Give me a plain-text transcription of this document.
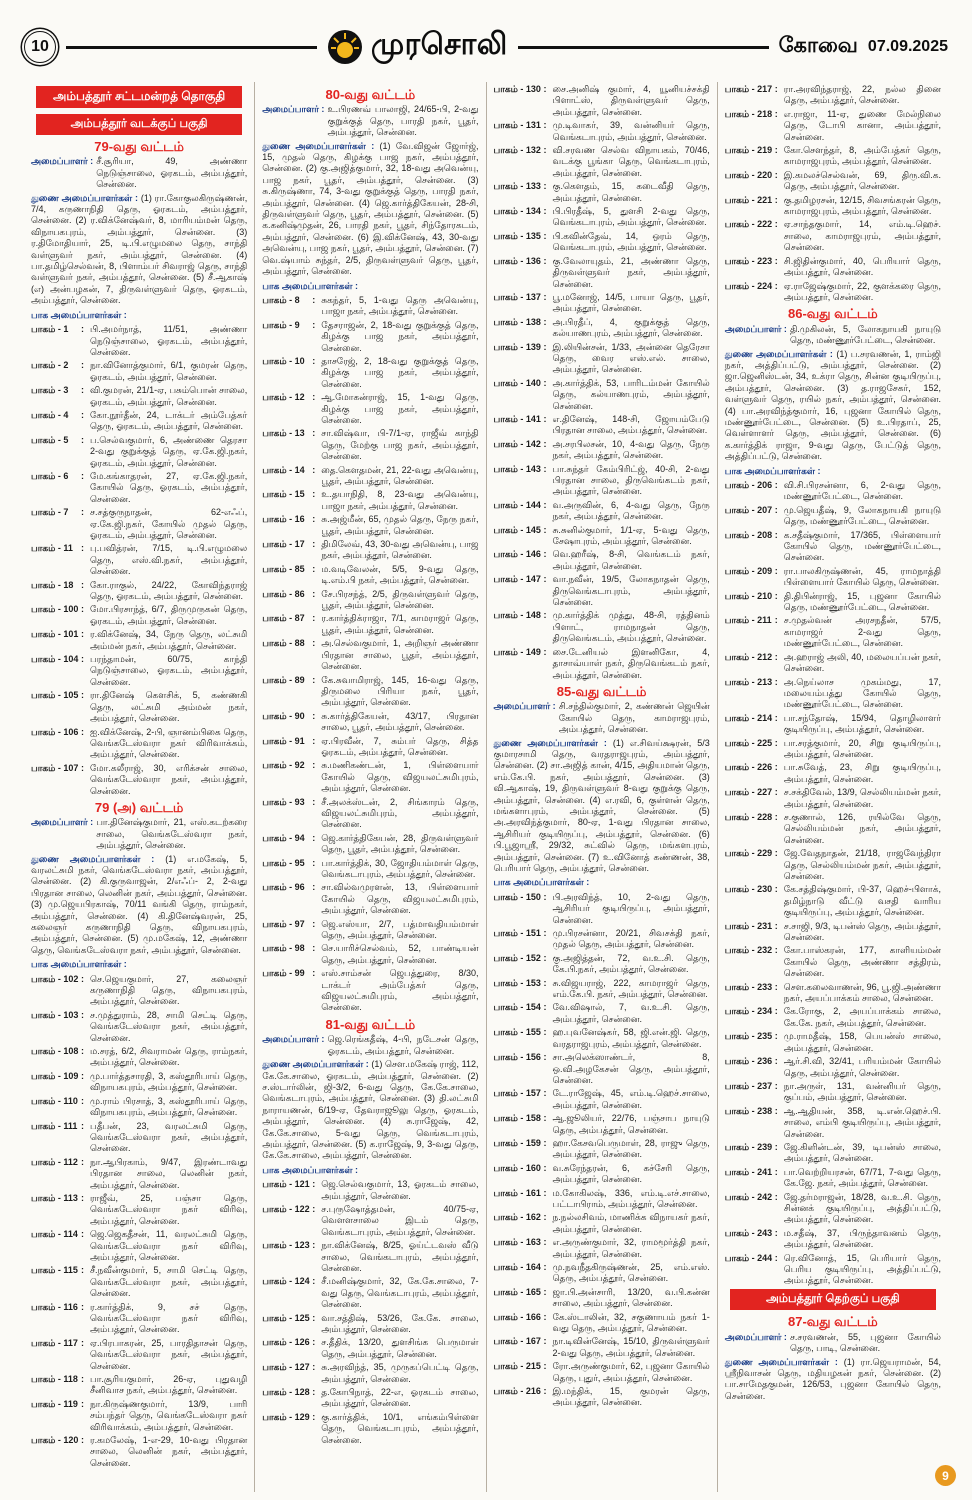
10	முரசொலி	கோவை 07.09.2025
அம்பத்தூர் சட்டமன்றத் தொகுதி
அம்பத்தூர் வடக்குப் பகுதி
79-வது வட்டம்

அமைப்பாளர் : சீ.சூரியா, 49, அண்ணா நெடுஞ்சாலை, ஓரகடம், அம்பத்தூர், சென்னை.

துணை அமைப்பாளர்கள் : (1) ரா.கோகுலகிருஷ்ணன், 7/4, கருணாநிதி தெரு, ஓரகடம், அம்பத்தூர், சென்னை. (2) ர.விக்னேஷ்வர், 8, மாரியம்மன் தெரு, விநாயகபுரம், அம்பத்தூர், சென்னை. (3) ர.திமோதியார், 25, டி.பி.எழுமலை தெரு, சாந்தி வள்ளுவர் நகர், அம்பத்தூர், சென்னை. (4) பா.தமிழ்செல்வன், 8, பிளாம்பர் சிவராஜ் தெரு, சாந்தி வள்ளுவர் நகர், அம்பத்தூர், சென்னை. (5) சீ.ஆகாஷ் (எ) அன்பழகன், 7, திருவள்ளுவர் தெரு, ஓரகடம், அம்பத்தூர், சென்னை.

பாக அமைப்பாளர்கள் :

பாகம் - 1	: பி.அமர்நாத், 11/51, அண்ணா நெடுஞ்சாலை, ஓரகடம், அம்பத்தூர், சென்னை.

பாகம் - 2	: நா.வினோத்குமார், 6/1, குமரன் தெரு, ஓரகடம், அம்பத்தூர், சென்னை.

பாகம் - 3	: வி.குமரன், 21/1-ஏ, பசும்பொன் சாலை, ஓரகடம், அம்பத்தூர், சென்னை.

பாகம் - 4	: கோ.நூர்தீன், 24, டாக்டர் அம்பேத்கர் தெரு, ஓரகடம், அம்பத்தூர், சென்னை.

பாகம் - 5	: ப.செல்வகுமார், 6, அண்ணை தெரசா 2-வது குறுக்குத் தெரு, ஏ.கே.ஜி.நகர், ஓரகடம், அம்பத்தூர், சென்னை.

பாகம் - 6	: மே.கங்காதரன், 27, ஏ.கே.ஜி.நகர், கோயில் தெரு, ஓரகடம், அம்பத்தூர், சென்னை.

பாகம் - 7	: ச.சத்குருநாதன், 62-எஃப், ஏ.கே.ஜி.நகர், கோயில் முதல் தெரு, ஓரகடம், அம்பத்தூர், சென்னை.

பாகம் - 11 : பு.பவித்ரன், 7/15, டி.பி.எழுமலை தெரு, எஸ்.வி.நகர், அம்பத்தூர், சென்னை.

பாகம் - 18 : கோ.ராகுல், 24/22, கோவிந்தராஜ் தெரு, ஓரகடம், அம்பத்தூர், சென்னை.

பாகம் - 100 : மோ.பிரசாந்த், 6/7, திருமுருகன் தெரு, ஓரகடம், அம்பத்தூர், சென்னை.

பாகம் - 101 : ர.விக்னேஷ், 34, நேரு தெரு, லட்சுமி அம்மன் நகர், அம்பத்தூர், சென்னை.

பாகம் - 104 : பரந்தாமன், 60/75, காந்தி நெடுஞ்சாலை, ஓரகடம், அம்பத்தூர், சென்னை.

பாகம் - 105 : ரா.தினேஷ் கௌசிக், 5, கண்ணகி தெரு, லட்சுமி அம்மன் நகர், அம்பத்தூர், சென்னை.

பாகம் - 106 : ஐ.விக்னேஷ், 2-பி, ஞானம்பிகை தெரு, வெங்கடேஸ்வரா நகர் விரிவாக்கம், அம்பத்தூர், சென்னை.

பாகம் - 107 : மோ.கலீராஜ், 30, எரிக்சன் சாலை, வெங்கடேஸ்வரா நகர், அம்பத்தூர், சென்னை.

79 (அ) வட்டம்

அமைப்பாளர் : பா.தினேஷ்குமார், 21, எஸ்.கடற்கரை சாலை, வெங்கடேஸ்வரா நகர், அம்பத்தூர், சென்னை.

துணை அமைப்பாளர்கள் : (1) எ.மகேஷ், 5, வரலட்சுமி நகர், வெங்கடேஸ்வரா நகர், அம்பத்தூர், சென்னை. (2) கி.குருவாஜன், 2/எஃப்- 2, 2-வது பிரதான சாலை, லெனின் நகர், அம்பத்தூர், சென்னை. (3) மு.ஜெயபிரகாஷ், 70/11 வங்கி தெரு, ராம்நகர், அம்பத்தூர், சென்னை. (4) கி.தினேஷ்வரன், 25, கலைஞர் கருணாநிதி தெரு, விநாயகபுரம், அம்பத்தூர், சென்னை. (5) மு.மகேஷ், 12, அண்ணா தெரு, வெங்கடேஸ்வரா நகர், அம்பத்தூர், சென்னை.

பாக அமைப்பாளர்கள் :

பாகம் - 102 : செ.ஜெயகுமார், 27, கலைஞர் கருணாநிதி தெரு, விநாயகபுரம், அம்பத்தூர், சென்னை.

பாகம் - 103 : ச.முத்துராம், 28, சாமி செட்டி தெரு, வெங்கடேஸ்வரா நகர், அம்பத்தூர், சென்னை.

பாகம் - 108 : ம.சரத், 6/2, சிவராமன் தெரு, ராம்நகர், அம்பத்தூர், சென்னை.

பாகம் - 109 : மு.பார்த்தசாரதி, 3, கஸ்தூரிபாய் தெரு, விநாயகபுரம், அம்பத்தூர், சென்னை.

பாகம் - 110 : மு.ராம் பிரசாத், 3, கஸ்தூரிபாய் தெரு, விநாயகபுரம், அம்பத்தூர், சென்னை.

பாகம் - 111 : பதீபன், 23, வரலட்சுமி தெரு, வெங்கடேஸ்வரா நகர், அம்பத்தூர், சென்னை.

பாகம் - 112 : நா.ஆபிரகாம், 9/47, இரண்டாவது பிரதான சாலை, லெனின் நகர், அம்பத்தூர், சென்னை.

பாகம் - 113 : ராஜீவ், 25, பஞ்சா தெரு, வெங்கடேஸ்வரா நகர் விரிவு, அம்பத்தூர், சென்னை.

பாகம் - 114 : ஜெ.ஜெகதீசன், 11, வரலட்சுமி தெரு, வெங்கடேஸ்வரா நகர் விரிவு, அம்பத்தூர், சென்னை.

பாகம் - 115 : சீ.நவீன்குமார், 5, சாமி செட்டி தெரு, வெங்கடேஸ்வரா நகர், அம்பத்தூர், சென்னை.

பாகம் - 116 : ர.கார்த்திக், 9, சச் தெரு, வெங்கடேஸ்வரா நகர் விரிவு, அம்பத்தூர், சென்னை.

பாகம் - 117 : ஏ.பிரபாகரன், 25, பாரதிதாசன் தெரு, வெங்கடேஸ்வரா நகர், அம்பத்தூர், சென்னை.

பாகம் - 118 : பா.சூரியகுமார், 26-ஏ, புதுவழி சீனிவாச நகர், அம்பத்தூர், சென்னை.

பாகம் - 119 : நா.கிருஷ்ணகுமார், 13/9, பாரி சம்பந்தர் தெரு, வெங்கடேஸ்வரா நகர் விரிவாக்கம், அம்பத்தூர், சென்னை.

பாகம் - 120 : ர.கமலேஷ், 1-எ-29, 10-வது பிரதான சாலை, லெனின் நகர், அம்பத்தூர், சென்னை.

80-வது வட்டம்

அமைப்பாளர் : உ.பிரணவ் பாலாஜி, 24/65-பி, 2-வது குறுக்குத் தெரு, பாரதி நகர், பூதர், அம்பத்தூர், சென்னை.

துணை அமைப்பாளர்கள் : (1) வே.விஜன் ஜோர்ஜ், 15, முதல் தெரு, கிழக்கு பாஜ நகர், அம்பத்தூர், சென்னை. (2) கு.அஜித்குமார், 32, 18-வது அவென்யு, பாஜ நகர், பூதர், அம்பத்தூர், சென்னை. (3) சு.கிருஷ்ணா, 74, 3-வது குறுக்குத் தெரு, பாரதி நகர், அம்பத்தூர், சென்னை. (4) ஜெ.கார்த்திகேயன், 28-சி, திருவள்ளுவர் தெரு, பூதர், அம்பத்தூர், சென்னை. (5) க.கனிஷ்முதன், 26, பாரதி நகர், பூதர், சிந்தோரகடம், அம்பத்தூர், சென்னை. (6) இ.விக்னேஷ், 43, 30-வது அவென்யு, பாஜ நகர், பூதர், அம்பத்தூர், சென்னை. (7) வெ.ஷ்யாம் சுந்தர், 2/5, திருவள்ளுவர் தெரு, பூதர், அம்பத்தூர், சென்னை.

பாக அமைப்பாளர்கள் :

பாகம் - 8	: சுகந்தர், 5, 1-வது தெரு அவென்யு, பாஜா நகர், அம்பத்தூர், சென்னை.

பாகம் - 9	: தேசராஜன், 2, 18-வது குறுக்குத் தெரு, கிழக்கு பாஜ நகர், அம்பத்தூர், சென்னை.

பாகம் - 10 : தாசரேஜ், 2, 18-வது குறுக்குத் தெரு, கிழக்கு பாஜ நகர், அம்பத்தூர், சென்னை.

பாகம் - 12 : ஆ.மோகன்ராஜ், 15, 1-வது தெரு, கிழக்கு பாஜ நகர், அம்பத்தூர், சென்னை.

பாகம் - 13 : சா.விஷ்வா, பி-7/1-ஏ, ராஜீவ் காந்தி தெரு, மேற்கு பாஜ நகர், அம்பத்தூர், சென்னை.

பாகம் - 14 : தை.கௌதமன், 21, 22-வது அவென்யு, பூதர், அம்பத்தூர், சென்னை.

பாகம் - 15 : உ.தயாநிதி, 8, 23-வது அவென்யு, பாஜா நகர், அம்பத்தூர், சென்னை.

பாகம் - 16 : சு.அஜ்மீன், 65, முதல் தெரு, நேரு நகர், பூதர், அம்பத்தூர், சென்னை.

பாகம் - 17 : திமிலேவ், 43, 30-வது அவென்யு, பாஜ நகர், அம்பத்தூர், சென்னை.

பாகம் - 85 : ம.வடிவேலன், 5/5, 9-வது தெரு, டி.எம்.பி நகர், அம்பத்தூர், சென்னை.

பாகம் - 86 : சே.பிரசந்த், 2/5, திருவள்ளுவர் தெரு, பூதர், அம்பத்தூர், சென்னை.

பாகம் - 87 : ர.கார்த்திக்ராஜா, 7/1, காமராஜர் தெரு, பூதர், அம்பத்தூர், சென்னை.

பாகம் - 88 : அ.செல்வகுமார், 1, அறிஞர் அண்ணா பிரதான சாலை, பூதர், அம்பத்தூர், சென்னை.

பாகம் - 89 : கே.சுவாமிராஜ், 145, 16-வது தெரு, திருமலை பிரியா நகர், பூதர், அம்பத்தூர், சென்னை.

பாகம் - 90 : சு.கார்த்திகேயன், 43/17, பிரதான சாலை, பூதர், அம்பத்தூர், சென்னை.

பாகம் - 91 : ஏ.பிரவீன், 7, சும்பர் தெரு, சித்த ஓரகடம், அம்பத்தூர், சென்னை.

பாகம் - 92 : சு.மணிகண்டன், 1, பிள்ளையார் கோயில் தெரு, விஜயலட்சுமிபுரம், அம்பத்தூர், சென்னை.

பாகம் - 93 : சீ.அலக்ஸ்டன், 2, சிங்காரம் தெரு, விஜயலட்சுமிபுரம், அம்பத்தூர், சென்னை.

பாகம் - 94 : ஜெ.கார்த்திகேயன், 28, திருவள்ளுவர் தெரு, பூதர், அம்பத்தூர், சென்னை.

பாகம் - 95 : பா.கார்த்திக், 30, ஜோதியம்மாள் தெரு, வெங்கடாபுரம், அம்பத்தூர், சென்னை.

பாகம் - 96 : சா.வில்வமுரளன், 13, பிள்ளையார் கோயில் தெரு, விஜயலட்சுமிபுரம், அம்பத்தூர், சென்னை.

பாகம் - 97 : ஜெ.எஸ்யா, 2/7, பத்மாவதியம்மாள் தெரு, அம்பத்தூர், சென்னை.

பாகம் - 98 : செ.யாரிச்செல்வம், 52, பாண்டியன் தெரு, அம்பத்தூர், சென்னை.

பாகம் - 99 : எஸ்.சாம்சன் ஜெபத்துரை, 8/30, டாக்டர் அம்பேத்கர் தெரு, விஜயலட்சுமிபுரம், அம்பத்தூர், சென்னை.

81-வது வட்டம்

அமைப்பாளர் : ஜெ.ரெங்கதீஷ், 4-பி, நடேசன் தெரு, ஓரகடம், அம்பத்தூர், சென்னை.

துணை அமைப்பாளர்கள் : (1) சௌ.மகேஷ் ராஜ், 112, கே.கே.சாலை, ஓரகடம், அம்பத்தூர், சென்னை. (2) ச.ஸ்டார்லின், ஜி-3/2, 6-வது தெரு, கே.கே.சாலை, வெங்கடாபுரம், அம்பத்தூர், சென்னை. (3) தி.லட்சுமி நாராயணன், 6/19-ஏ, தேவராஜூலு தெரு, ஓரகடம், அம்பத்தூர், சென்னை. (4) சு.ராஜேஷ், 42, கே.கே.சாலை, 5-வது தெரு, வெங்கடாபுரம், அம்பத்தூர், சென்னை. (5) க.ராஜேஷ், 9, 3-வது தெரு, கே.கே.சாலை, அம்பத்தூர், சென்னை.

பாக அமைப்பாளர்கள் :

பாகம் - 121 : ஜெ.செல்வகுமார், 13, ஓரகடம் சாலை, அம்பத்தூர், சென்னை.

பாகம் - 122 : ச.புருஷோத்தமன், 40/75-ஏ, வௌளசாலை இடம் தெரு, வெங்கடாபுரம், அம்பத்தூர், சென்னை.

பாகம் - 123 : நா.விக்னேஷ், 8/25, ஓய்ட்டவஸ் வீடு சாலை, வெங்கடாபுரம், அம்பத்தூர், சென்னை.

பாகம் - 124 : சீ.மனிஷ்குமார், 32, கே.கே.சாலை, 7-வது தெரு, வெங்கடாபுரம், அம்பத்தூர், சென்னை.

பாகம் - 125 : வா.சத்திஷ், 53/26, கே.கே. சாலை, அம்பத்தூர், சென்னை.

பாகம் - 126 : ச.தீதிக், 13/20, துளசிங்க பெருமாள் தெரு, அம்பத்தூர், சென்னை.

பாகம் - 127 : சு.அரவிந்த், 35, முருகப்பெட்டி தெரு, அம்பத்தூர், சென்னை.

பாகம் - 128 : த.கோபிநாத், 22-எ, ஓரகடம் சாலை, அம்பத்தூர், சென்னை.

பாகம் - 129 : கு.கார்த்திக், 10/1, எங்கம்பிள்ளை தெரு, வெங்கடாபுரம், அம்பத்தூர், சென்னை.

பாகம் - 130 : சை.அனிஷ் குமார், 4, யூனியச்சக்தி பிளாட்ஸ், திருவள்ளுவர் தெரு, அம்பத்தூர், சென்னை.

பாகம் - 131 : மு.டிவாகர், 39, வன்னியர் தெரு, வெங்கடாபுரம், அம்பத்தூர், சென்னை.

பாகம் - 132 : வி.சரவண செல்வ விநாயகம், 70/46, வடக்கு பூங்கா தெரு, வெங்கடாபுரம், அம்பத்தூர், சென்னை.

பாகம் - 133 : கு.கௌதம், 15, கடைவீதி தெரு, அம்பத்தூர், சென்னை.

பாகம் - 134 : பி.பிரதீஷ், 5, துளசி 2-வது தெரு, வெங்கடாபுரம், அம்பத்தூர், சென்னை.

பாகம் - 135 : பி.கவின்தேவ், 14, ஒரம் தெரு, வெங்கடாபுரம், அம்பத்தூர், சென்னை.

பாகம் - 136 : கு.வேலாயுதம், 21, அண்ணா தெரு, திருவள்ளுவர் நகர், அம்பத்தூர், சென்னை.

பாகம் - 137 : பூ.மனோஜ், 14/5, பாயா தெரு, பூதர், அம்பத்தூர், சென்னை.

பாகம் - 138 : அ.பிரதீப், 4, குறுக்குத் தெரு, கல்யாணபுரம், அம்பத்தூர், சென்னை.

பாகம் - 139 : இ.லியின்சன், 1/33, அன்னை தெரேசா தெரு, வைர எஸ்.எல். சாலை, அம்பத்தூர், சென்னை.

பாகம் - 140 : அ.கார்த்திக், 53, பாரிடம்மன் கோயில் தெரு, கல்யாணபுரம், அம்பத்தூர், சென்னை.

பாகம் - 141 : எ.தினேஷ், 148-சி, ஜோயம்பேடு பிரதான சாலை, அம்பத்தூர், சென்னை.

பாகம் - 142 : அ.சரபிலசன், 10, 4-வது தெரு, நேரு நகர், அம்பத்தூர், சென்னை.

பாகம் - 143 : பா.சுந்தர் கேம்பிரிட்ஜ், 40-சி, 2-வது பிரதான சாலை, திருவெங்கடம் நகர், அம்பத்தூர், சென்னை.

பாகம் - 144 : வ.அருவின், 6, 4-வது தெரு, நேரு நகர், அம்பத்தூர், சென்னை.

பாகம் - 145 : சு.சுனில்குமார், 1/1-ஏ, 5-வது தெரு, சேஷாபுரம், அம்பத்தூர், சென்னை.

பாகம் - 146 : வெ.ஹரீஷ், 8-சி, வெங்கடம் நகர், அம்பத்தூர், சென்னை.

பாகம் - 147 : வா.நவீன், 19/5, லோகநாதன் தெரு, திருவெங்கடாபுரம், அம்பத்தூர், சென்னை.

பாகம் - 148 : மு.கார்த்திக் முத்து, 48-சி, ரத்தினம் பிளாட், ராமநாதன் தெரு, திருவெங்கடம், அம்பத்தூர், சென்னை.

பாகம் - 149 : சை.டேனியல் இளனிகோ, 4, தாசாவ்யாள் நகர், திருவெங்கடம் நகர், அம்பத்தூர், சென்னை.

85-வது வட்டம்

அமைப்பாளர் : சி.சந்தில்குமார், 2, கண்ணன் ஜெயின் கோயில் தெரு, காமராஜபுரம், அம்பத்தூர், சென்னை.

துணை அமைப்பாளர்கள் : (1) எ.சிவய்க்ஷரன், 5/3 குமாரசாமி தெரு, வரதராஜபுரம், அம்பத்தூர், சென்னை. (2) சா.அஜித் கான், 4/15, அதியமான் தெரு, எம்.கே.பி. நகர், அம்பத்தூர், சென்னை. (3) வி.ஆகாஷ், 19, திருவள்ளுவர் 8-வது குறுக்கு தெரு, அம்பத்தூர், சென்னை. (4) எ.ரவி, 6, குள்ளன் தெரு, மங்களாபுரம், அம்பத்தூர், சென்னை. (5) அ.அரவிந்த்குமார், 80-ஏ, 1-வது பிரதான சாலை, ஆசிரியர் குடியிருப்பு, அம்பத்தூர், சென்னை. (6) பி.பூஜாஸ்ரீ, 29/32, சுட்வில் தெரு, மங்களபுரம், அம்பத்தூர், சென்னை. (7) உ.வினோத் கண்ணன், 38, பெரியார் தெரு, அம்பத்தூர், சென்னை.

பாக அமைப்பாளர்கள் :

பாகம் - 150 : பி.அரவிந்த், 10, 2-வது தெரு, ஆசிரியர் குடியிருப்பு, அம்பத்தூர், சென்னை.

பாகம் - 151 : மு.பிரசன்னா, 20/21, சிவசக்தி நகர், முதல் தெரு, அம்பத்தூர், சென்னை.

பாகம் - 152 : கு.அஜித்தன், 72, வ.உ.சி. தெரு, கே.பி.நகர், அம்பத்தூர், சென்னை.

பாகம் - 153 : சு.விஜயராஜ், 222, காமராஜர் தெரு, எம்.கே.பி. நகர், அம்பத்தூர், சென்னை.

பாகம் - 154 : வே.விஷால், 7, வ.உ.சி. தெரு, அம்பத்தூர், சென்னை.

பாகம் - 155 : ஹ.புவனேஷ்கர், 58, ஜி.என்.ஜி. தெரு, வரதராஜபுரம், அம்பத்தூர், சென்னை.

பாகம் - 156 : சா.அலெக்ஸாண்டர், 8, ஒ.வி.அழகேசன் தெரு, அம்பத்தூர், சென்னை.

பாகம் - 157 : டே.ராஜேஷ், 45, எம்.டி.ஹெச்.சாலை, அம்பத்தூர், சென்னை.

பாகம் - 158 : ஆ.ஜூலியர், 22/76, பஞ்சாப நாயுடு தெரு, அம்பத்தூர், சென்னை.

பாகம் - 159 : ஹா.கேசவபெருமாள், 28, ராஜு தெரு, அம்பத்தூர், சென்னை.

பாகம் - 160 : வ.சுரேந்தரன், 6, கச்சேரி தெரு, அம்பத்தூர், சென்னை.

பாகம் - 161 : ம.கோகிலஷ், 336, எம்.டி.எச்.சாலை, பட்டாபிராம், அம்பத்தூர், சென்னை.

பாகம் - 162 : ந.நல்லசிவம், மாணிக்க விநாயகர் நகர், அம்பத்தூர், சென்னை.

பாகம் - 163 : எ.அருண்குமார், 32, ராமமூர்த்தி நகர், அம்பத்தூர், சென்னை.

பாகம் - 164 : மு.நவநீதகிருஷ்ணன், 25, எம்.எஸ். தெரு, அம்பத்தூர், சென்னை.

பாகம் - 165 : ஜா.பி.அன்சாரி, 13/20, வ.பி.கன்ன சாலை, அம்பத்தூர், சென்னை.

பாகம் - 166 : கே.ஸ்டாலின், 32, சகுணாயம் நகர் 1-வது தெரு, அம்பத்தூர், சென்னை.

பாகம் - 167 : நா.டிவின்னேஷ், 15/10, திருவள்ளுவர் 2-வது தெரு, அம்பத்தூர், சென்னை.

பாகம் - 215 : ரோ.அருண்குமார், 62, புஜனா கோயில் தெரு, புதுர், அம்பத்தூர், சென்னை.

பாகம் - 216 : இ.மந்திக், 15, குமரன் தெரு, அம்பத்தூர், சென்னை.

பாகம் - 217 : ரா.அரவிந்தராஜ், 22, நல்ல தினை தெரு, அம்பத்தூர், சென்னை.

பாகம் - 218 : எ.ராஜா, 11-ஏ, துணை மேல்நிலை தெரு, டோபி கானா, அம்பத்தூர், சென்னை.

பாகம் - 219 : கோ.சௌந்தர், 8, அம்பேத்கர் தெரு, காமராஜபுரம், அம்பத்தூர், சென்னை.

பாகம் - 220 : இ.கமலச்செல்வன், 69, திரு.வி.க. தெரு, அம்பத்தூர், சென்னை.

பாகம் - 221 : கு.தமிழரசன், 12/15, சிவசங்கரன் தெரு, காமராஜபுரம், அம்பத்தூர், சென்னை.

பாகம் - 222 : ஏ.சாந்தகுமார், 14, எம்.டி.ஹெச். சாலை, காமராஜபுரம், அம்பத்தூர், சென்னை.

பாகம் - 223 : சி.ஜிதின்குமார், 40, பெரியார் தெரு, அம்பத்தூர், சென்னை.

பாகம் - 224 : ஏ.ராஜேஷ்குமார், 22, குளக்கரை தெரு, அம்பத்தூர், சென்னை.

86-வது வட்டம்

அமைப்பாளர் : தி.முகிலன், 5, லோகநாயகி நாயுடு தெரு, மண்ணூர்பேட்டை, சென்னை.

துணை அமைப்பாளர்கள் : (1) ப.சரவணன், 1, ராம்ஜி நகர், அத்திப்பட்டு, அம்பத்தூர், சென்னை. (2) ஜா.ஜெனிஸ்டன், 34, உக்ரா தெரு, சின்ன குடியிருப்பு, அம்பத்தூர், சென்னை. (3) த.ராஜசேகர், 152, வள்ளுவர் தெரு, ரயில் நகர், அம்பத்தூர், சென்னை. (4) பா.அரவிந்த்குமார், 16, புஜனா கோயில் தெரு, மண்ணூர்பேட்டை, சென்னை. (5) உ.பிரதாப், 25, வெள்ளாளர் தெரு, அம்பத்தூர், சென்னை. (6) க.கார்த்திக் ராஜா, 9-வது தெரு, பேட்டுத் தெரு, அத்திப்பட்டு, சென்னை.

பாக அமைப்பாளர்கள் :

பாகம் - 206 : வி.சி.பிரசன்னா, 6, 2-வது தெரு, மண்ணூர்பேட்டை, சென்னை.

பாகம் - 207 : மு.ஜெயதீஷ், 9, லோகநாயகி நாயுடு தெரு, மண்ணூர்பேட்டை, சென்னை.

பாகம் - 208 : க.சதீஷ்குமார், 17/365, பிள்ளையார் கோயில் தெரு, மண்ணூர்பேட்டை, சென்னை.

பாகம் - 209 : ரா.பாலகிருஷ்ணன், 45, ராமநாத்தி பிள்ளையார் கோயில் தெரு, சென்னை.

பாகம் - 210 : தி.திபின்ராஜ், 15, புஜனா கோயில் தெரு, மண்ணூர்பேட்டை, சென்னை.

பாகம் - 211 : ச.முதல்வன் அரசநதீன், 57/5, காமராஜர் 2-வது தெரு, மண்ணூர்பேட்டை, சென்னை.

பாகம் - 212 : அ.ஹராஜ் அலி, 40, மலையப்பன் நகர், சென்னை.

பாகம் - 213 : அ.நெய்லாச முகம்மது, 17, மலையம்பத்து கோயில் தெரு, மண்ணூர்பேட்டை, சென்னை.

பாகம் - 214 : பா.சந்தோஷ், 15/94, தொழிலாளர் குடியிருப்பு, அம்பத்தூர், சென்னை.

பாகம் - 225 : பா.சரத்குமார், 20, சிறு குடியிருப்பு, அம்பத்தூர், சென்னை.

பாகம் - 226 : பா.சுவேத், 23, சிறு குடியிருப்பு, அம்பத்தூர், சென்னை.

பாகம் - 227 : ச.சக்திவேல், 13/9, செல்லியம்மன் நகர், அம்பத்தூர், சென்னை.

பாகம் - 228 : ச.குணால், 126, ரயில்வே தெரு, செல்லியம்மன் நகர், அம்பத்தூர், சென்னை.

பாகம் - 229 : ஜே.வேதநாதன், 21/18, ராஜவேந்திரா தெரு, செல்லியம்மன் நகர், அம்பத்தூர், சென்னை.

பாகம் - 230 : கே.சத்திஷ்குமார், பி-37, ஹெச்-பிளாக், தமிழ்நாடு வீட்டு வசதி வாரிய குடியிருப்பு, அம்பத்தூர், சென்னை.

பாகம் - 231 : ச.சாஜி, 9/3, டிபன்ஸ் தெரு, அம்பத்தூர், சென்னை.

பாகம் - 232 : கோ.பாஸ்கரன், 177, காளியம்மன் கோயில் தெரு, அண்ணா சத்திரம், சென்னை.

பாகம் - 233 : சௌ.கலைவாணன், 96, பூ.ஜி.அண்ணா நகர், அயப்பாக்கம் சாலை, சென்னை.

பாகம் - 234 : கே.ரோகு, 2, அயப்பாக்கம் சாலை, கே.கே. நகர், அம்பத்தூர், சென்னை.

பாகம் - 235 : மு.ராமதீஷ், 158, பெயன்ஸ் சாலை, அம்பத்தூர், சென்னை.

பாகம் - 236 : ஆர்.சி.வி, 32/41, பரியம்மன் கோயில் தெரு, அம்பத்தூர், சென்னை.

பாகம் - 237 : நா.அருள், 131, வன்னியர் தெரு, குப்பம், அம்பத்தூர், சென்னை.

பாகம் - 238 : ஆ.ஆதியன், 358, டி.என்.ஹெச்.பி. சாலை, எம்பி குடியிருப்பு, அம்பத்தூர், சென்னை.

பாகம் - 239 : ஜே.கிளின்டன், 39, டிபன்ஸ் சாலை, அம்பத்தூர், சென்னை.

பாகம் - 241 : பா.வெற்றியரசன், 67/71, 7-வது தெரு, கே.ஜே. நகர், அம்பத்தூர், சென்னை.

பாகம் - 242 : ஜே.தர்மராஜன், 18/28, வ.உ.சி. தெரு, சின்னக் குடியிருப்பு, அத்திப்பட்டு, அம்பத்தூர், சென்னை.

பாகம் - 243 : ம.சதீஷ், 37, பிருந்தாவனம் தெரு, அம்பத்தூர், சென்னை.

பாகம் - 244 : ரெ.வினோத், 15, பெரியார் தெரு, பெரிய குடியிருப்பு, அத்திப்பட்டு, அம்பத்தூர், சென்னை.

அம்பத்தூர் தெற்குப் பகுதி
87-வது வட்டம்

அமைப்பாளர் : ச.சரவணன், 55, புஜனா கோயில் தெரு, பாடி, சென்னை.

துணை அமைப்பாளர்கள் : (1) ரா.ஜெயராமன், 54, ஸ்ரீநிவாசன் தெரு, மதியழகன் நகர், சென்னை. (2) பா.சாமேதகுமன், 126/53, புஜனா கோயில் தெரு, சென்னை.

9
